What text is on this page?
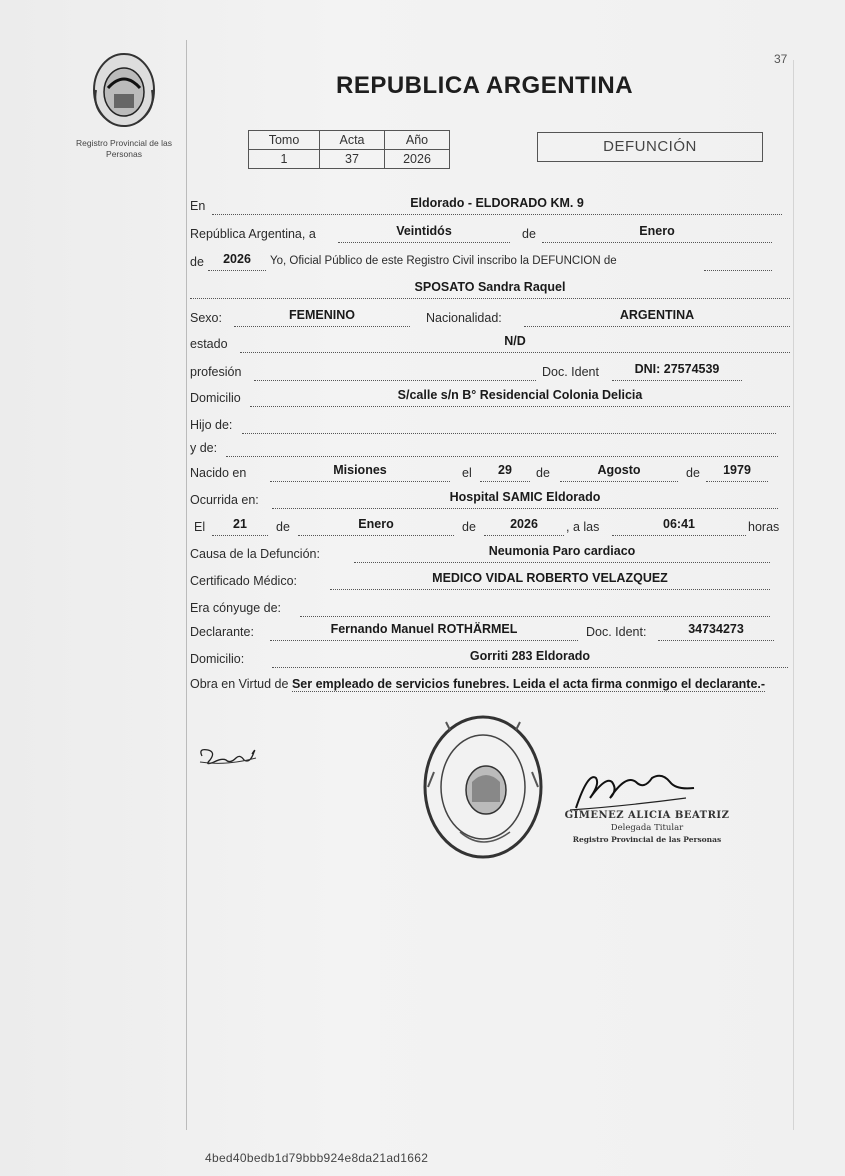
37
Registro Provincial de las Personas
REPUBLICA ARGENTINA
Tomo	Acta	Año
1	37	2026
DEFUNCIÓN
En	Eldorado - ELDORADO KM. 9
República Argentina, a	Veintidós	de	Enero
de	2026	Yo, Oficial Público de este Registro Civil inscribo la DEFUNCION de
SPOSATO Sandra Raquel
Sexo:	FEMENINO	Nacionalidad:	ARGENTINA
estado	N/D
profesión	Doc. Ident	DNI: 27574539
Domicilio	S/calle s/n B° Residencial Colonia Delicia
Hijo de:
y de:
Nacido en	Misiones	el	29	de	Agosto	de	1979
Ocurrida en:	Hospital SAMIC Eldorado
El	21	de	Enero	de	2026	, a las	06:41	horas
Causa de la Defunción:	Neumonia Paro cardiaco
Certificado Médico:	MEDICO VIDAL ROBERTO VELAZQUEZ
Era cónyuge de:
Declarante:	Fernando Manuel ROTHÄRMEL	Doc. Ident:	34734273
Domicilio:	Gorriti 283 Eldorado
Obra en Virtud de Ser empleado de servicios funebres. Leida el acta firma conmigo el declarante.-
GIMENEZ ALICIA BEATRIZ
Delegada Titular
Registro Provincial de las Personas
4bed40bedb1d79bbb924e8da21ad1662
